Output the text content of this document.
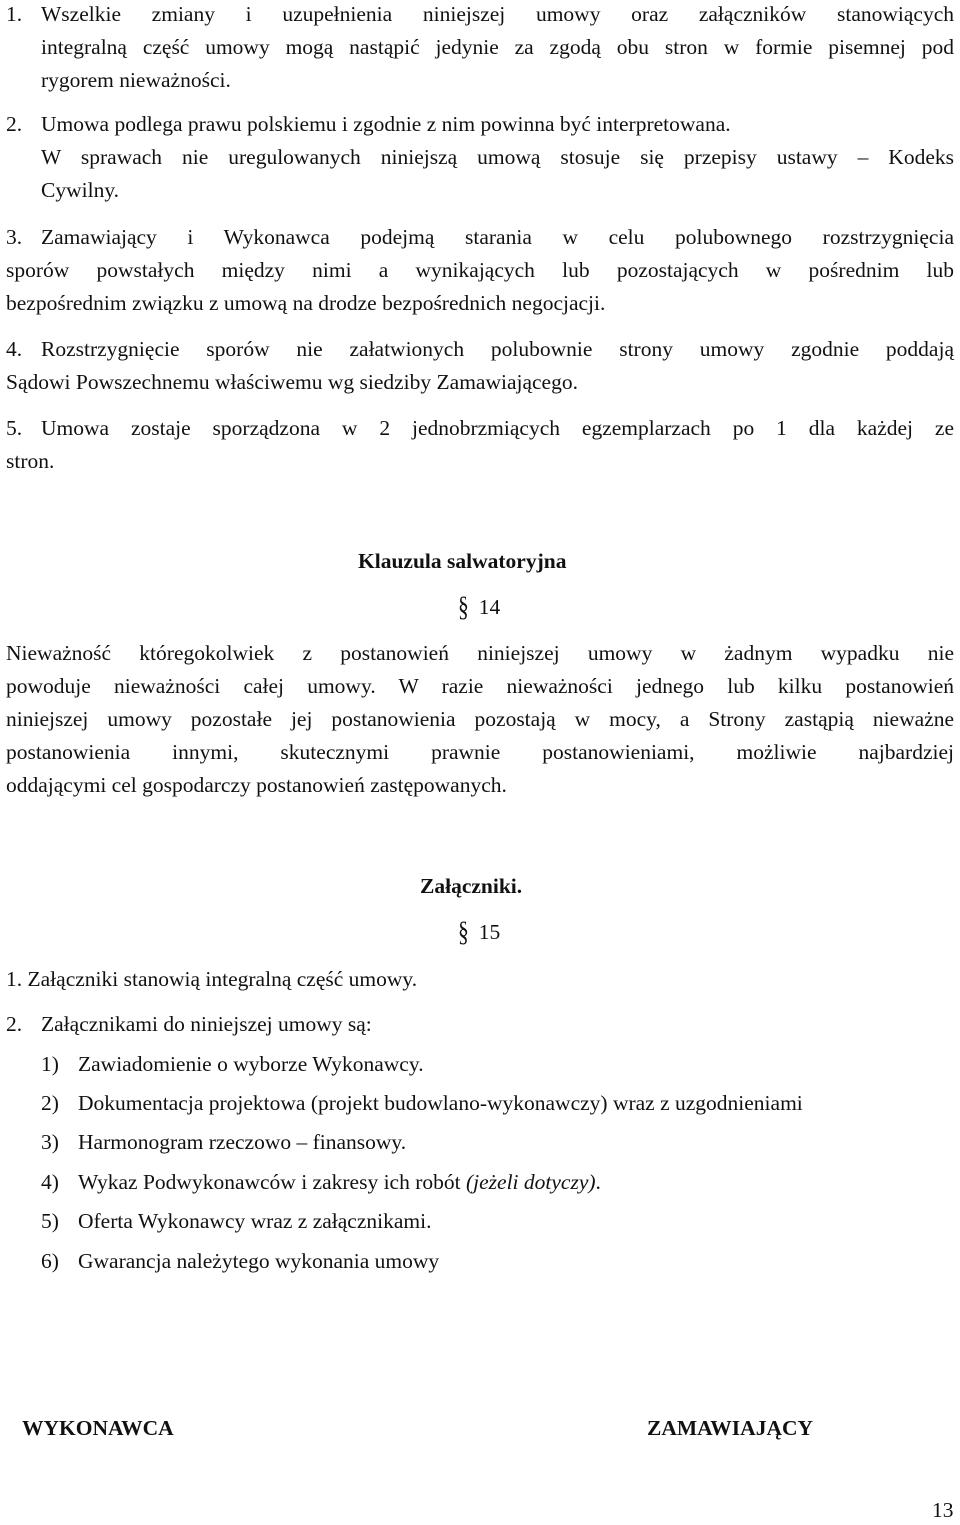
1. Wszelkie zmiany i uzupełnienia niniejszej umowy oraz załączników stanowiących
integralną część umowy mogą nastąpić jedynie za zgodą obu stron w formie pisemnej pod
rygorem nieważności.
2. Umowa podlega prawu polskiemu i zgodnie z nim powinna być interpretowana.
W sprawach nie uregulowanych niniejszą umową stosuje się przepisy ustawy – Kodeks
Cywilny.
3. Zamawiający i Wykonawca podejmą starania w celu polubownego rozstrzygnięcia
sporów powstałych między nimi a wynikających lub pozostających w pośrednim lub
bezpośrednim związku z umową na drodze bezpośrednich negocjacji.
4. Rozstrzygnięcie sporów nie załatwionych polubownie strony umowy zgodnie poddają
Sądowi Powszechnemu właściwemu wg siedziby Zamawiającego.
5. Umowa zostaje sporządzona w 2 jednobrzmiących egzemplarzach po 1 dla każdej ze
stron.
Klauzula salwatoryjna
§ 14
Nieważność któregokolwiek z postanowień niniejszej umowy w żadnym wypadku nie
powoduje nieważności całej umowy. W razie nieważności jednego lub kilku postanowień
niniejszej umowy pozostałe jej postanowienia pozostają w mocy, a Strony zastąpią nieważne
postanowienia innymi, skutecznymi prawnie postanowieniami, możliwie najbardziej
oddającymi cel gospodarczy postanowień zastępowanych.
Załączniki.
§ 15
1. Załączniki stanowią integralną część umowy.
2. Załącznikami do niniejszej umowy są:
1) Zawiadomienie o wyborze Wykonawcy.
2) Dokumentacja projektowa (projekt budowlano-wykonawczy) wraz z uzgodnieniami
3) Harmonogram rzeczowo – finansowy.
4) Wykaz Podwykonawców i zakresy ich robót (jeżeli dotyczy).
5) Oferta Wykonawcy wraz z załącznikami.
6) Gwarancja należytego wykonania umowy
WYKONAWCA	ZAMAWIAJĄCY
13
